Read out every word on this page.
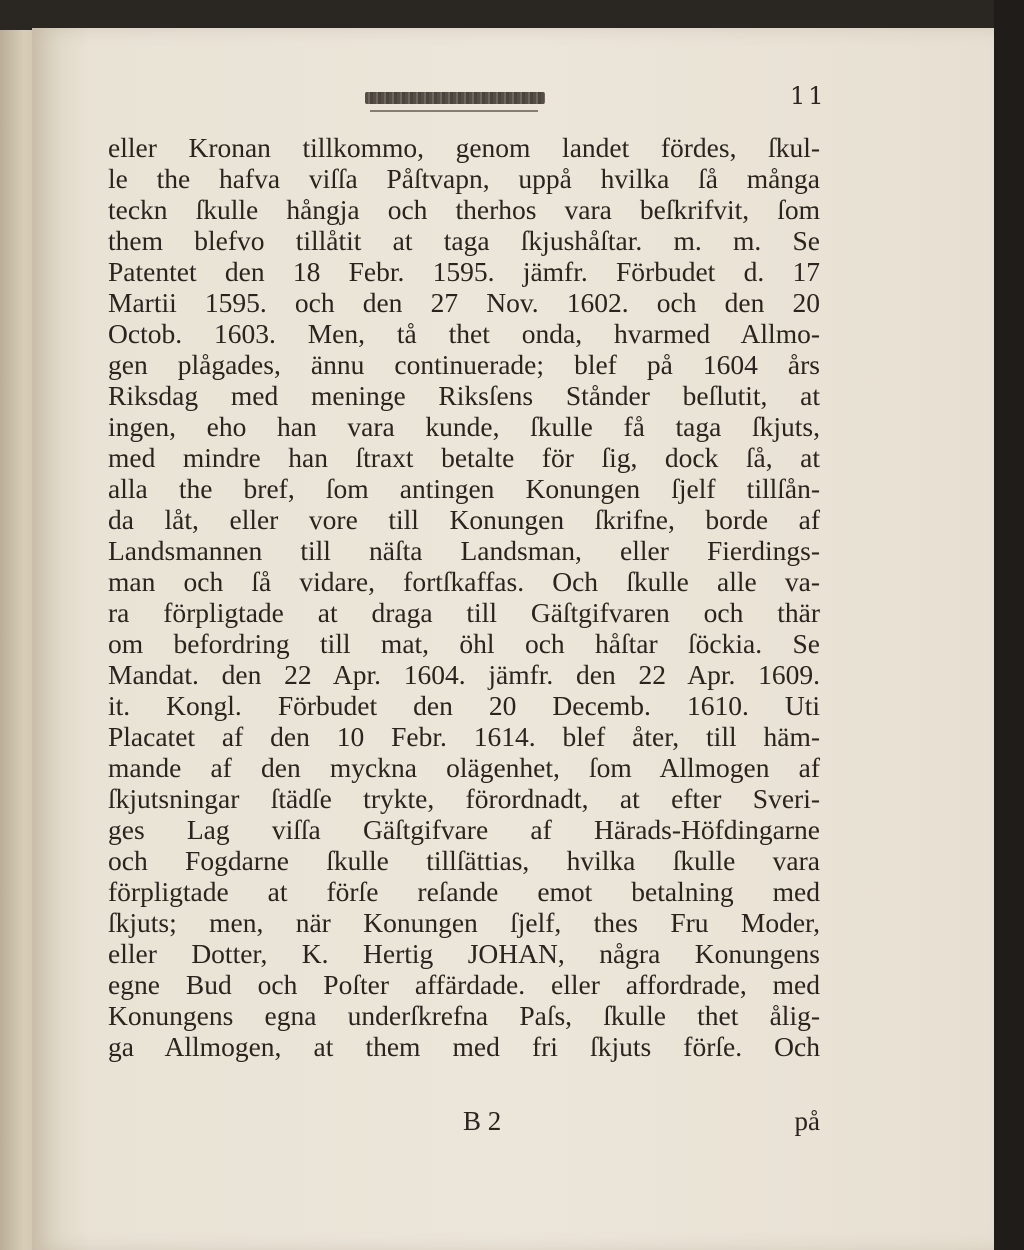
11
eller Kronan tillkommo, genom landet fördes, ſkul-
le the hafva viſſa Påſtvapn, uppå hvilka ſå många
teckn ſkulle hångja och therhos vara beſkrifvit, ſom
them blefvo tillåtit at taga ſkjushåſtar. m. m. Se
Patentet den 18 Febr. 1595. jämfr. Förbudet d. 17
Martii 1595. och den 27 Nov. 1602. och den 20
Octob. 1603. Men, tå thet onda, hvarmed Allmo-
gen plågades, ännu continuerade; blef på 1604 års
Riksdag med meninge Riksſens Stånder beſlutit, at
ingen, eho han vara kunde, ſkulle få taga ſkjuts,
med mindre han ſtraxt betalte för ſig, dock ſå, at
alla the bref, ſom antingen Konungen ſjelf tillſån-
da låt, eller vore till Konungen ſkrifne, borde af
Landsmannen till näſta Landsman, eller Fierdings-
man och ſå vidare, fortſkaffas. Och ſkulle alle va-
ra förpligtade at draga till Gäſtgifvaren och thär
om befordring till mat, öhl och håſtar ſöckia. Se
Mandat. den 22 Apr. 1604. jämfr. den 22 Apr. 1609.
it. Kongl. Förbudet den 20 Decemb. 1610. Uti
Placatet af den 10 Febr. 1614. blef åter, till häm-
mande af den myckna olägenhet, ſom Allmogen af
ſkjutsningar ſtädſe trykte, förordnadt, at efter Sveri-
ges Lag viſſa Gäſtgifvare af Härads-Höfdingarne
och Fogdarne ſkulle tillſättias, hvilka ſkulle vara
förpligtade at förſe reſande emot betalning med
ſkjuts; men, när Konungen ſjelf, thes Fru Moder,
eller Dotter, K. Hertig JOHAN, några Konungens
egne Bud och Poſter affärdade. eller affordrade, med
Konungens egna underſkrefna Paſs, ſkulle thet ålig-
ga Allmogen, at them med fri ſkjuts förſe. Och
B 2	på
